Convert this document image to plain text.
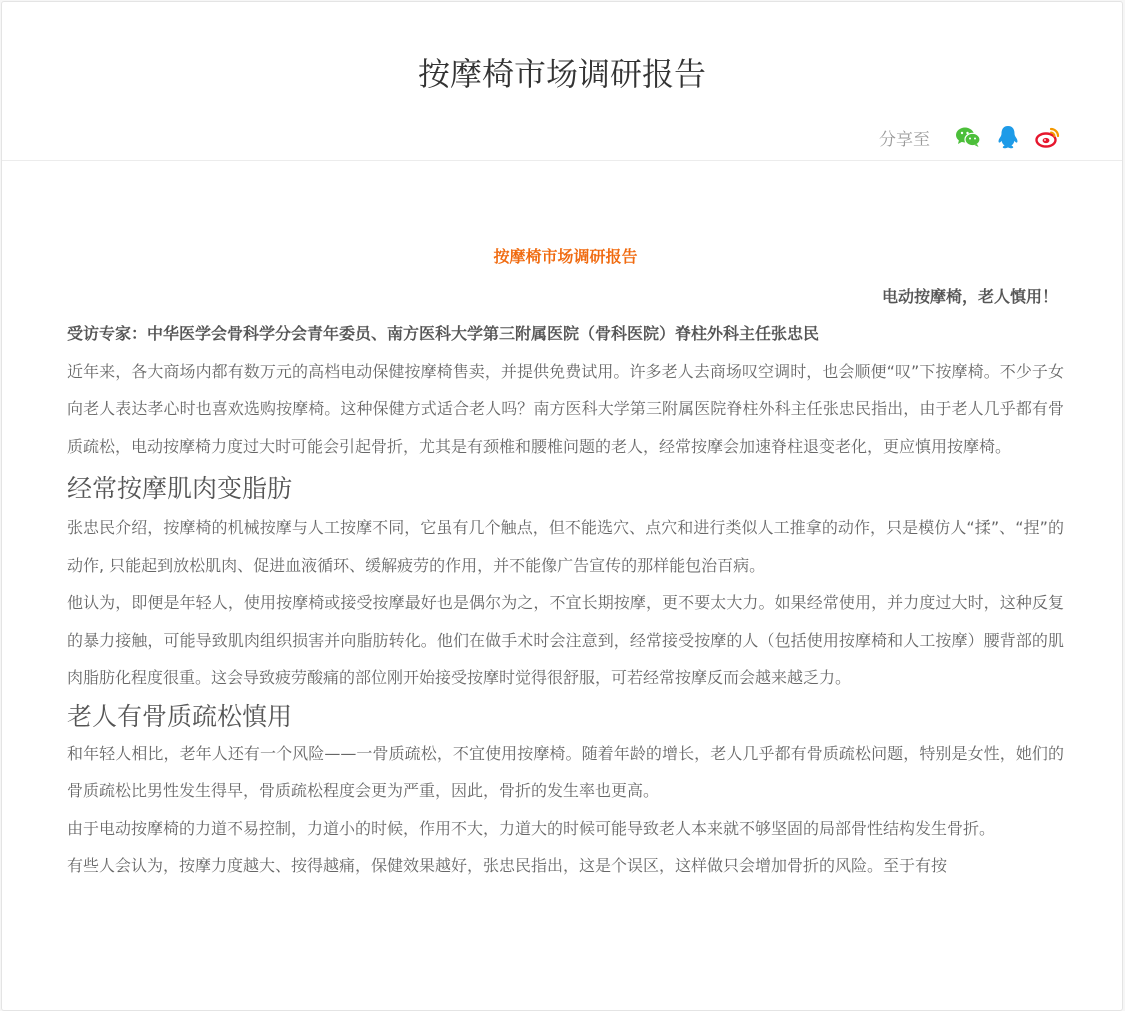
按摩椅市场调研报告
分享至

按摩椅市场调研报告

电动按摩椅，老人慎用！

受访专家：中华医学会骨科学分会青年委员、南方医科大学第三附属医院（骨科医院）脊柱外科主任张忠民

近年来，各大商场内都有数万元的高档电动保健按摩椅售卖，并提供免费试用。许多老人去商场叹空调时，也会顺便“叹”下按摩椅。不少子女向老人表达孝心时也喜欢选购按摩椅。这种保健方式适合老人吗？南方医科大学第三附属医院脊柱外科主任张忠民指出，由于老人几乎都有骨质疏松，电动按摩椅力度过大时可能会引起骨折，尤其是有颈椎和腰椎问题的老人，经常按摩会加速脊柱退变老化，更应慎用按摩椅。

经常按摩肌肉变脂肪

张忠民介绍，按摩椅的机械按摩与人工按摩不同，它虽有几个触点，但不能选穴、点穴和进行类似人工推拿的动作，只是模仿人“揉”、“捏”的动作, 只能起到放松肌肉、促进血液循环、缓解疲劳的作用，并不能像广告宣传的那样能包治百病。

他认为，即便是年轻人，使用按摩椅或接受按摩最好也是偶尔为之，不宜长期按摩，更不要太大力。如果经常使用，并力度过大时，这种反复的暴力接触，可能导致肌肉组织损害并向脂肪转化。他们在做手术时会注意到，经常接受按摩的人（包括使用按摩椅和人工按摩）腰背部的肌肉脂肪化程度很重。这会导致疲劳酸痛的部位刚开始接受按摩时觉得很舒服，可若经常按摩反而会越来越乏力。

老人有骨质疏松慎用

和年轻人相比，老年人还有一个风险——一骨质疏松，不宜使用按摩椅。随着年龄的增长，老人几乎都有骨质疏松问题，特别是女性，她们的骨质疏松比男性发生得早，骨质疏松程度会更为严重，因此，骨折的发生率也更高。

由于电动按摩椅的力道不易控制，力道小的时候，作用不大，力道大的时候可能导致老人本来就不够坚固的局部骨性结构发生骨折。

有些人会认为，按摩力度越大、按得越痛，保健效果越好，张忠民指出，这是个误区，这样做只会增加骨折的风险。至于有按
